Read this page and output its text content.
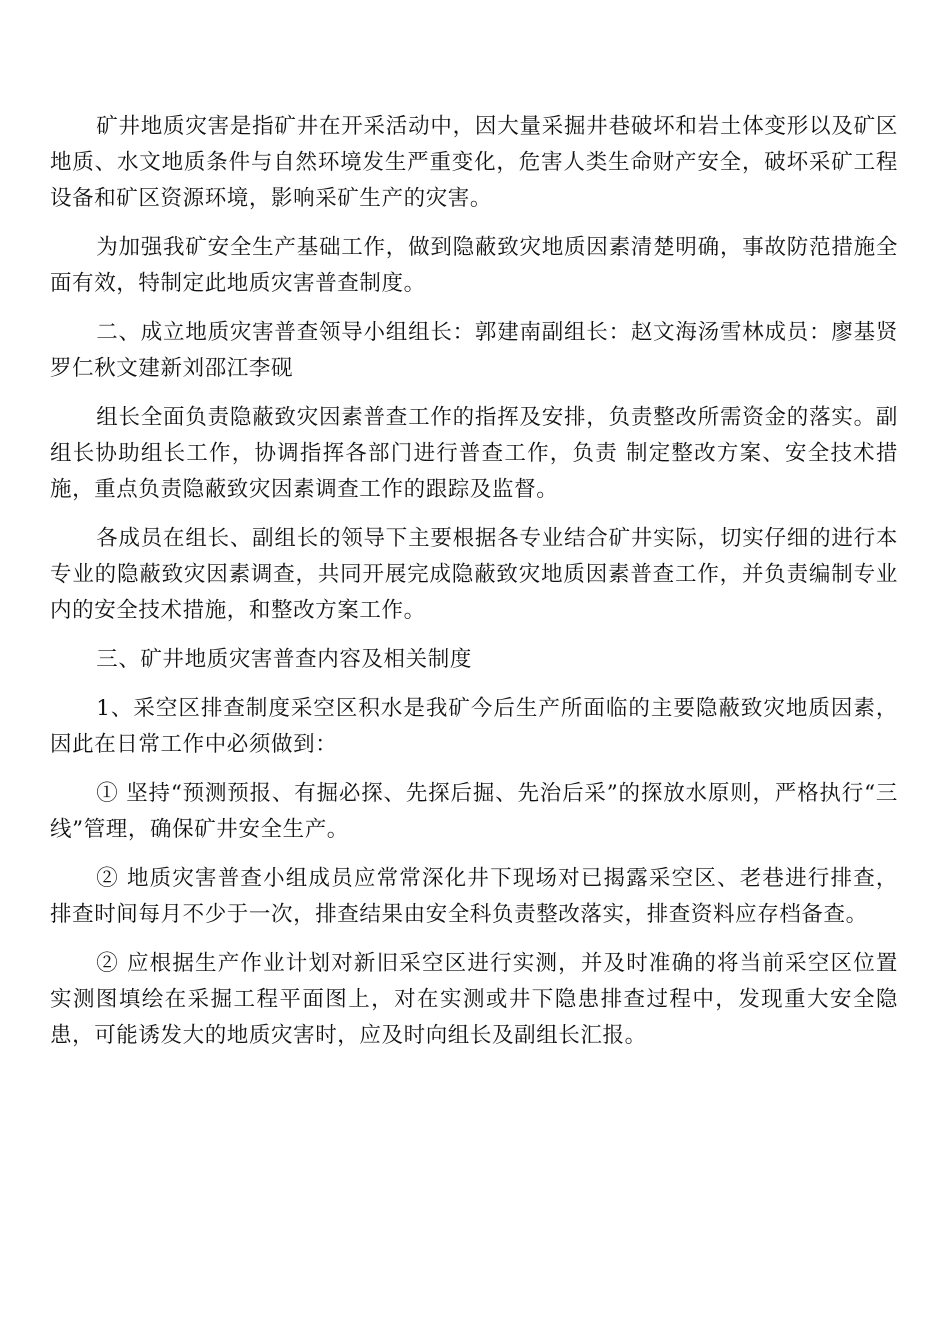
矿井地质灾害是指矿井在开采活动中，因大量采掘井巷破坏和岩土体变形以及矿区地质、水文地质条件与自然环境发生严重变化，危害人类生命财产安全，破坏采矿工程设备和矿区资源环境，影响采矿生产的灾害。

为加强我矿安全生产基础工作，做到隐蔽致灾地质因素清楚明确，事故防范措施全面有效，特制定此地质灾害普查制度。

二、成立地质灾害普查领导小组组长：郭建南副组长：赵文海汤雪林成员：廖基贤罗仁秋文建新刘邵江李砚

组长全面负责隐蔽致灾因素普查工作的指挥及安排，负责整改所需资金的落实。副组长协助组长工作，协调指挥各部门进行普查工作，负责 制定整改方案、安全技术措施，重点负责隐蔽致灾因素调查工作的跟踪及监督。

各成员在组长、副组长的领导下主要根据各专业结合矿井实际，切实仔细的进行本专业的隐蔽致灾因素调查，共同开展完成隐蔽致灾地质因素普查工作，并负责编制专业内的安全技术措施，和整改方案工作。

三、矿井地质灾害普查内容及相关制度

1、采空区排查制度采空区积水是我矿今后生产所面临的主要隐蔽致灾地质因素，因此在日常工作中必须做到：

① 坚持“预测预报、有掘必探、先探后掘、先治后采”的探放水原则，严格执行“三线”管理，确保矿井安全生产。

② 地质灾害普查小组成员应常常深化井下现场对已揭露采空区、老巷进行排查，排查时间每月不少于一次，排查结果由安全科负责整改落实，排查资料应存档备查。

② 应根据生产作业计划对新旧采空区进行实测，并及时准确的将当前采空区位置实测图填绘在采掘工程平面图上，对在实测或井下隐患排查过程中，发现重大安全隐患，可能诱发大的地质灾害时，应及时向组长及副组长汇报。
